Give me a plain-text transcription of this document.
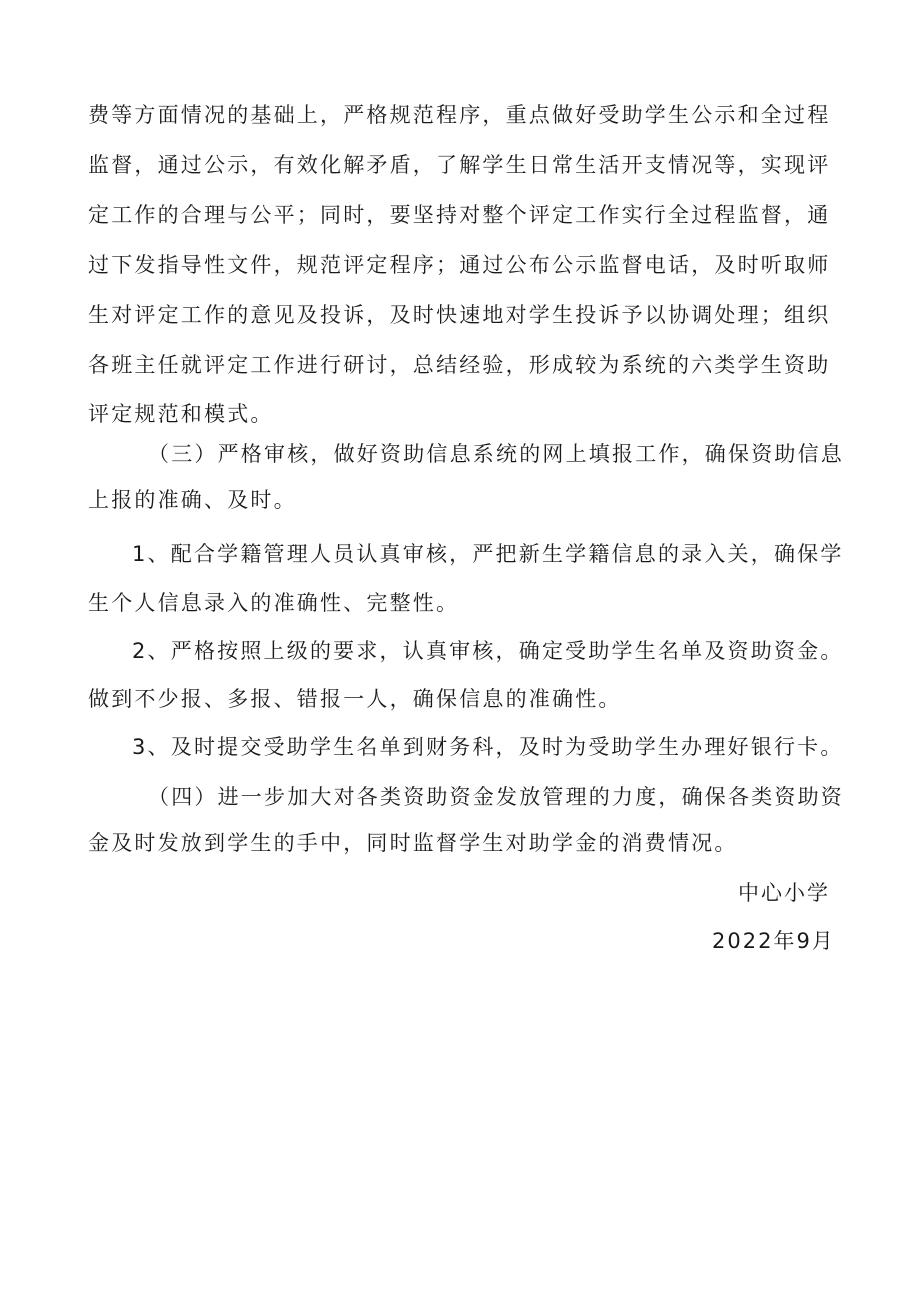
费等方面情况的基础上，严格规范程序，重点做好受助学生公示和全过程
监督，通过公示，有效化解矛盾，了解学生日常生活开支情况等，实现评
定工作的合理与公平；同时，要坚持对整个评定工作实行全过程监督，通
过下发指导性文件，规范评定程序；通过公布公示监督电话，及时听取师
生对评定工作的意见及投诉，及时快速地对学生投诉予以协调处理；组织
各班主任就评定工作进行研讨，总结经验，形成较为系统的六类学生资助
评定规范和模式。
（三）严格审核，做好资助信息系统的网上填报工作，确保资助信息
上报的准确、及时。
1、配合学籍管理人员认真审核，严把新生学籍信息的录入关，确保学
生个人信息录入的准确性、完整性。
2、严格按照上级的要求，认真审核，确定受助学生名单及资助资金。
做到不少报、多报、错报一人，确保信息的准确性。
3、及时提交受助学生名单到财务科，及时为受助学生办理好银行卡。
（四）进一步加大对各类资助资金发放管理的力度，确保各类资助资
金及时发放到学生的手中，同时监督学生对助学金的消费情况。
中心小学
2022年9月
